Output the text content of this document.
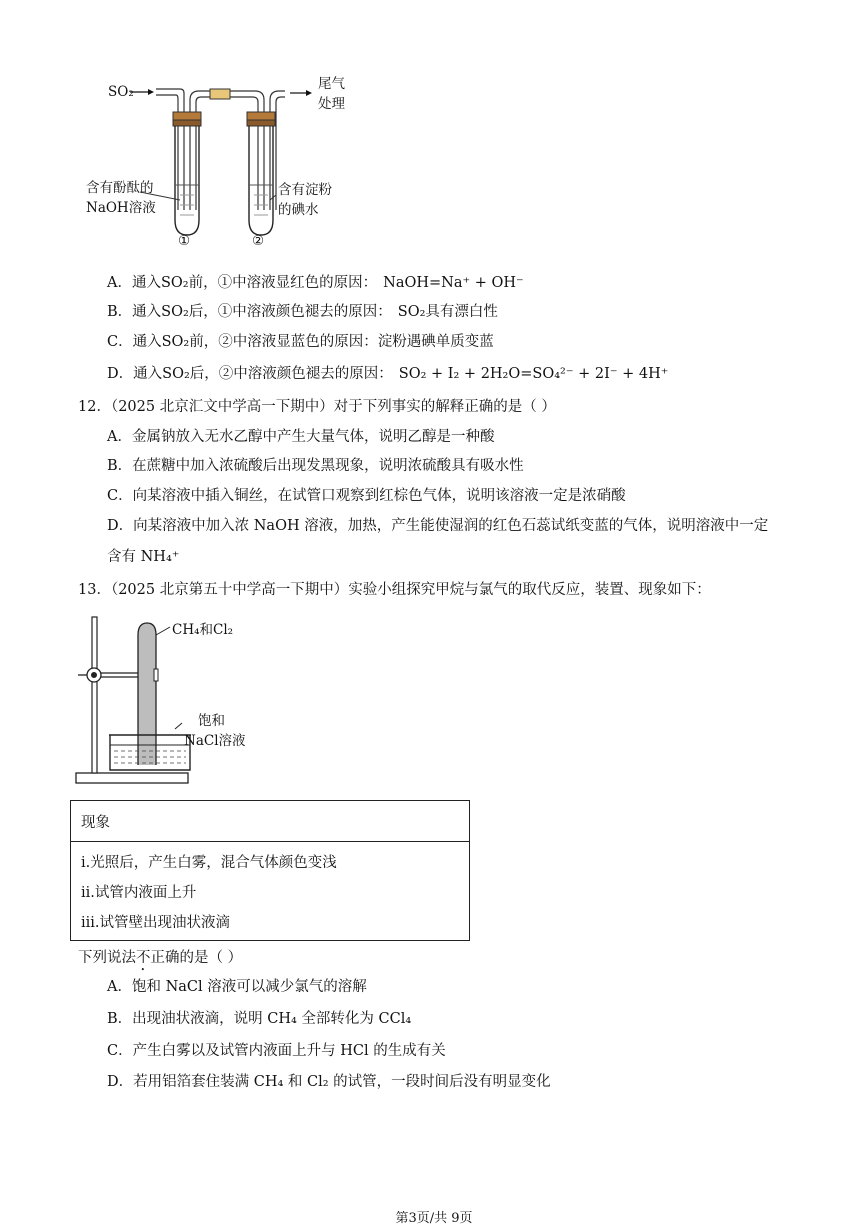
SO₂	尾气
处理
含有酚酞的
NaOH溶液
含有淀粉
的碘水
①	②
A．通入SO₂前，①中溶液显红色的原因： NaOH=Na⁺ + OH⁻
B．通入SO₂后，①中溶液颜色褪去的原因： SO₂具有漂白性
C．通入SO₂前，②中溶液显蓝色的原因：淀粉遇碘单质变蓝
D．通入SO₂后，②中溶液颜色褪去的原因： SO₂ + I₂ + 2H₂O=SO₄²⁻ + 2I⁻ + 4H⁺
12．（2025 北京汇文中学高一下期中）对于下列事实的解释正确的是（ ）
A．金属钠放入无水乙醇中产生大量气体，说明乙醇是一种酸
B．在蔗糖中加入浓硫酸后出现发黑现象，说明浓硫酸具有吸水性
C．向某溶液中插入铜丝，在试管口观察到红棕色气体，说明该溶液一定是浓硝酸
D．向某溶液中加入浓 NaOH 溶液，加热，产生能使湿润的红色石蕊试纸变蓝的气体，说明溶液中一定
含有 NH₄⁺
13．（2025 北京第五十中学高一下期中）实验小组探究甲烷与氯气的取代反应，装置、现象如下：
CH₄和Cl₂
饱和
NaCl溶液
现象
i.光照后，产生白雾，混合气体颜色变浅
ii.试管内液面上升
iii.试管壁出现油状液滴
下列说法不正确的是（ ）
A．饱和 NaCl 溶液可以减少氯气的溶解
B．出现油状液滴，说明 CH₄ 全部转化为 CCl₄
C．产生白雾以及试管内液面上升与 HCl 的生成有关
D．若用铝箔套住装满 CH₄ 和 Cl₂ 的试管，一段时间后没有明显变化
第3页/共 9页
